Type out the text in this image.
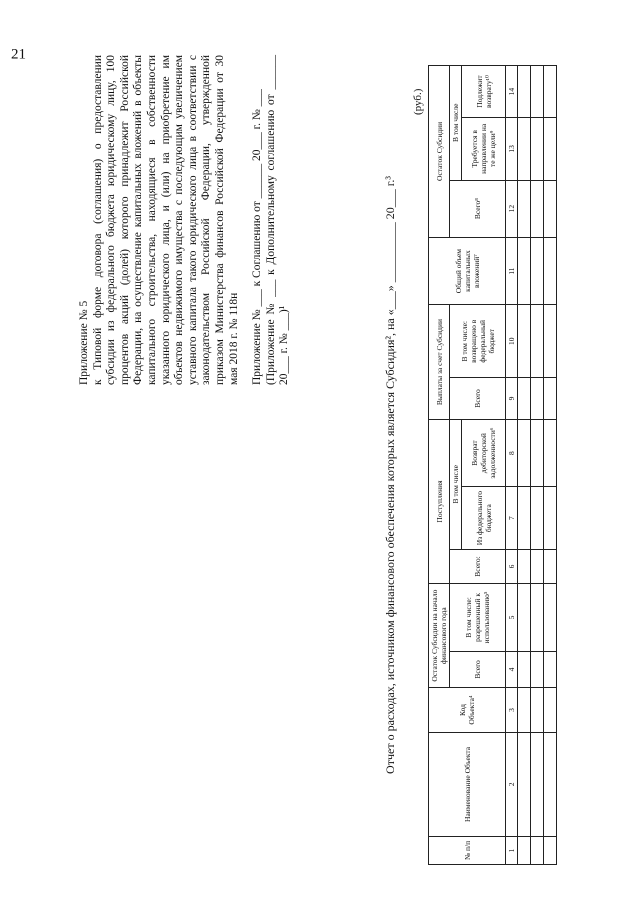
21
Приложение № 5 к Типовой форме договора (соглашения) о предоставлении субсидии из федерального бюджета юридическому лицу, 100 процентов акций (долей) которого принадлежит Российской Федерации, на осуществление капитальных вложений в объекты капитального строительства, находящиеся в собственности указанного юридического лица, и (или) на приобретение им объектов недвижимого имущества с последующим увеличением уставного капитала такого юридического лица в соответствии с законодательством Российской Федерации, утвержденной приказом Министерства финансов Российской Федерации от 30 мая 2018 г. № 118н Приложение № ___ к Соглашению от ______ 20___ г. № ___ (Приложение № ___ к Дополнительному соглашению от ______ 20___ г. № ___)¹	Отчет о расходах, источником финансового обеспечения которых является Субсидия², на «___» __________ 20___ г.³
(руб.)
№ п/п	Наименование Объекта	Код Объекта⁴	Остаток Субсидии на начало финансового года		Поступления			Выплаты за счет Субсидии		Общий объем капитальных вложений⁷	Остаток Субсидии		
			Всего	В том числе: разрешенный к использованию⁵	Всего:	В том числе		Всего	В том числе: возвращено в федеральный бюджет		Всего⁸	В том числе	
						Из федерального бюджета	Возврат дебиторской задолженности⁶					Требуется в направлении на те же цели⁹	Подлежит возврату¹⁰
1	2	3	4	5	6	7	8	9	10	11	12	13	14
